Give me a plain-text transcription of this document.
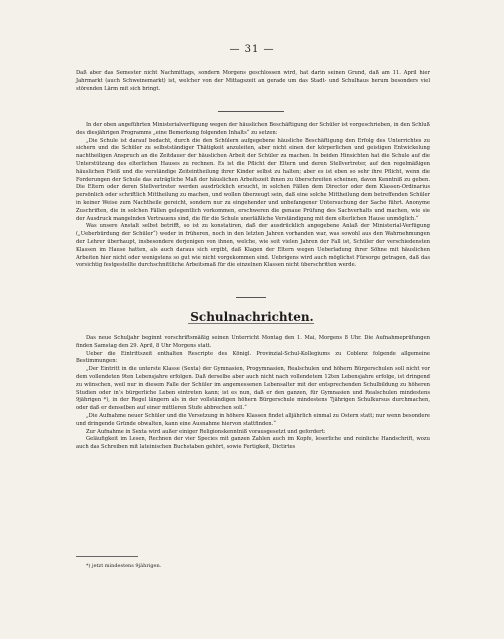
— 31 —

Daß aber das Semester nicht Nachmittags, sondern Morgens geschlossen wird, hat darin seinen Grund, daß am 11. April hier Jahrmarkt (auch Schweinemarkt) ist, welcher von der Mittagszeit an gerade um das Stadt- und Schulhaus herum besonders viel störenden Lärm mit sich bringt.

In der oben angeführten Ministerialverfügung wegen der häuslichen Beschäftigung der Schüler ist vorgeschrieben, in den Schluß des diesjährigen Programms „eine Bemerkung folgenden Inhalts“ zu setzen:

„Die Schule ist darauf bedacht, durch die den Schülern aufgegebene häusliche Beschäftigung den Erfolg des Unterrichtes zu sichern und die Schüler zu selbstständiger Thätigkeit anzuleiten, aber nicht einen der körperlichen und geistigen Entwickelung nachtheiligen Anspruch an die Zeitdauer der häuslichen Arbeit der Schüler zu machen. In beiden Hinsichten hat die Schule auf die Unterstützung des elterlichen Hauses zu rechnen. Es ist die Pflicht der Eltern und deren Stellvertreter, auf den regelmäßigen häuslichen Fleiß und die verständige Zeiteintheilung ihrer Kinder selbst zu halten; aber es ist eben so sehr ihre Pflicht, wenn die Forderungen der Schule das zuträgliche Maß der häuslichen Arbeitszeit ihnen zu überschreiten scheinen, davon Kenntniß zu geben. Die Eltern oder deren Stellvertreter werden ausdrücklich ersucht, in solchen Fällen dem Director oder dem Klassen-Ordinarius persönlich oder schriftlich Mittheilung zu machen, und wollen überzeugt sein, daß eine solche Mittheilung dem betreffenden Schüler in keiner Weise zum Nachtheile gereicht, sondern nur zu eingehender und unbefangener Untersuchung der Sache führt. Anonyme Zuschriften, die in solchen Fällen gelegentlich vorkommen, erschweren die genaue Prüfung des Sachverhalts und machen, wie sie der Ausdruck mangelnden Vertrauens sind, die für die Schule unerläßliche Verständigung mit dem elterlichen Hause unmöglich.“

Was unsere Anstalt selbst betrifft, so ist zu konstatiren, daß der ausdrücklich angegebene Anlaß der Ministerial-Verfügung („Ueberbürdung der Schüler“) weder in früheren, noch in den letzten Jahren vorhanden war, was sowohl aus den Wahrnehmungen der Lehrer überhaupt, insbesondere derjenigen von ihnen, welche, wie seit vielen Jahren der Fall ist, Schüler der verschiedensten Klassen im Hause hatten, als auch daraus sich ergibt, daß Klagen der Eltern wegen Ueberladung ihrer Söhne mit häuslichen Arbeiten hier nicht oder wenigstens so gut wie nicht vorgekommen sind. Uebrigens wird auch möglichst Fürsorge getragen, daß das vorsichtig festgestellte durchschnittliche Arbeitsmaß für die einzelnen Klassen nicht überschritten werde.

Schulnachrichten.

Das neue Schuljahr beginnt vorschriftsmäßig seinen Unterricht Montag den 1. Mai, Morgens 8 Uhr. Die Aufnahmeprüfungen finden Samstag den 29. April, 8 Uhr Morgens statt.

Ueber die Eintrittszeit enthalten Rescripte des Königl. Provinzial-Schul-Kollegiums zu Coblenz folgende allgemeine Bestimmungen:

„Der Eintritt in die unterste Klasse (Sexta) der Gymnasien, Progymnasien, Realschulen und höhern Bürgerschulen soll nicht vor dem vollendeten 9ten Lebensjahre erfolgen. Daß derselbe aber auch nicht nach vollendetem 12ten Lebensjahre erfolge, ist dringend zu wünschen, weil nur in diesem Falle der Schüler im angemessenen Lebensalter mit der entsprechenden Schulbildung zu höheren Studien oder in’s bürgerliche Leben eintreten kann; ist es nun, daß er den ganzen, für Gymnasien und Realschulen mindestens 9jährigen *), in der Regel längern als in der vollständigen höhern Bürgerschule mindestens 7jährigen Schulkursus durchmachen, oder daß er denselben auf einer mittleren Stufe abbrechen soll.“

„Die Aufnahme neuer Schüler und die Versetzung in höhere Klassen findet alljährlich einmal zu Ostern statt; nur wenn besondere und dringende Gründe obwalten, kann eine Ausnahme hiervon stattfinden.“

Zur Aufnahme in Sexta wird außer einiger Religionskenntniß vorausgesetzt und gefordert:

Geläufigkeit im Lesen, Rechnen der vier Species mit ganzen Zahlen auch im Kopfe, leserliche und reinliche Handschrift, wozu auch das Schreiben mit lateinischen Buchstaben gehört, sowie Fertigkeit, Dictirtes

*) jetzt mindestens 9jährigen.
